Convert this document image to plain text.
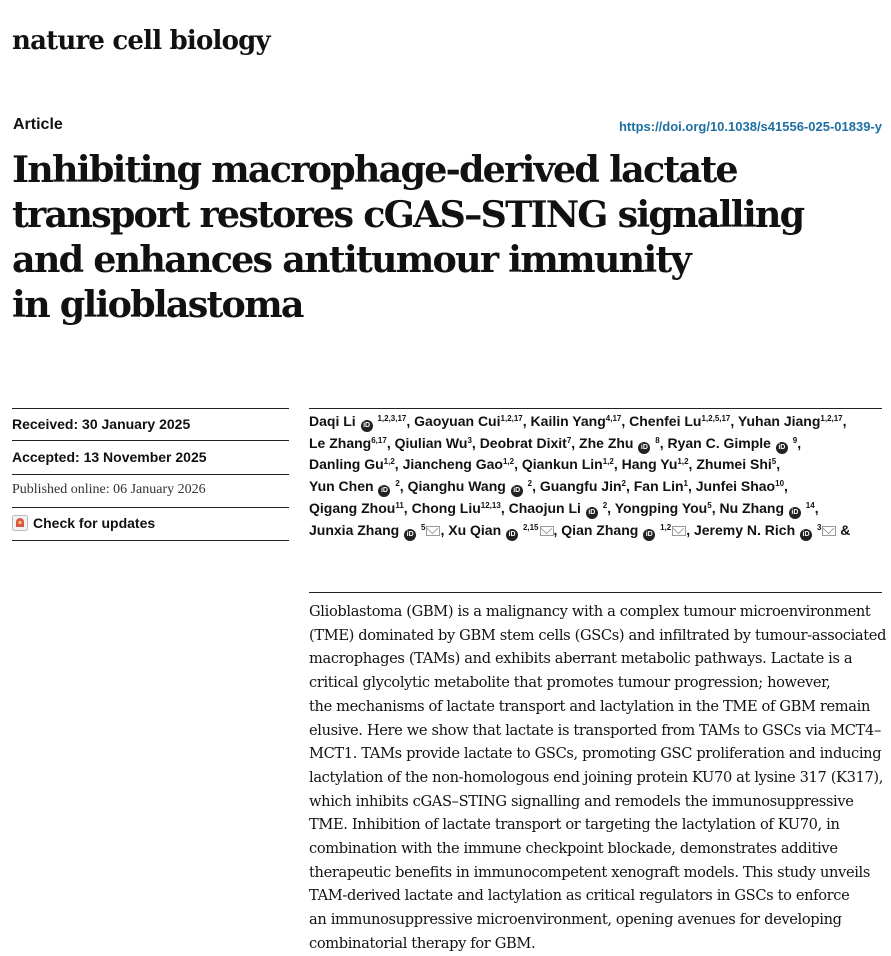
nature cell biology
Article	https://doi.org/10.1038/s41556-025-01839-y
Inhibiting macrophage-derived lactate
transport restores cGAS–STING signalling
and enhances antitumour immunity
in glioblastoma
Received: 30 January 2025
Accepted: 13 November 2025
Published online: 06 January 2026
Check for updates
Daqi Li iD $^{1,2,3,17}$, Gaoyuan Cui$^{1,2,17}$, Kailin Yang$^{4,17}$, Chenfei Lu$^{1,2,5,17}$, Yuhan Jiang$^{1,2,17}$,
Le Zhang$^{6,17}$, Qiulian Wu$^3$, Deobrat Dixit$^7$, Zhe Zhu iD $^8$, Ryan C. Gimple iD $^9$,
Danling Gu$^{1,2}$, Jiancheng Gao$^{1,2}$, Qiankun Lin$^{1,2}$, Hang Yu$^{1,2}$, Zhumei Shi$^5$,
Yun Chen iD $^2$, Qianghu Wang iD $^2$, Guangfu Jin$^2$, Fan Lin$^1$, Junfei Shao$^{10}$,
Qigang Zhou$^{11}$, Chong Liu$^{12,13}$, Chaojun Li iD $^2$, Yongping You$^5$, Nu Zhang iD $^{14}$,
Junxia Zhang iD $^5$ , Xu Qian iD $^{2,15}$ , Qian Zhang iD $^{1,2}$ , Jeremy N. Rich iD $^3$ &
Glioblastoma (GBM) is a malignancy with a complex tumour microenvironment
(TME) dominated by GBM stem cells (GSCs) and infiltrated by tumour-associated
macrophages (TAMs) and exhibits aberrant metabolic pathways. Lactate is a
critical glycolytic metabolite that promotes tumour progression; however,
the mechanisms of lactate transport and lactylation in the TME of GBM remain
elusive. Here we show that lactate is transported from TAMs to GSCs via MCT4–
MCT1. TAMs provide lactate to GSCs, promoting GSC proliferation and inducing
lactylation of the non-homologous end joining protein KU70 at lysine 317 (K317),
which inhibits cGAS–STING signalling and remodels the immunosuppressive
TME. Inhibition of lactate transport or targeting the lactylation of KU70, in
combination with the immune checkpoint blockade, demonstrates additive
therapeutic benefits in immunocompetent xenograft models. This study unveils
TAM-derived lactate and lactylation as critical regulators in GSCs to enforce
an immunosuppressive microenvironment, opening avenues for developing
combinatorial therapy for GBM.
